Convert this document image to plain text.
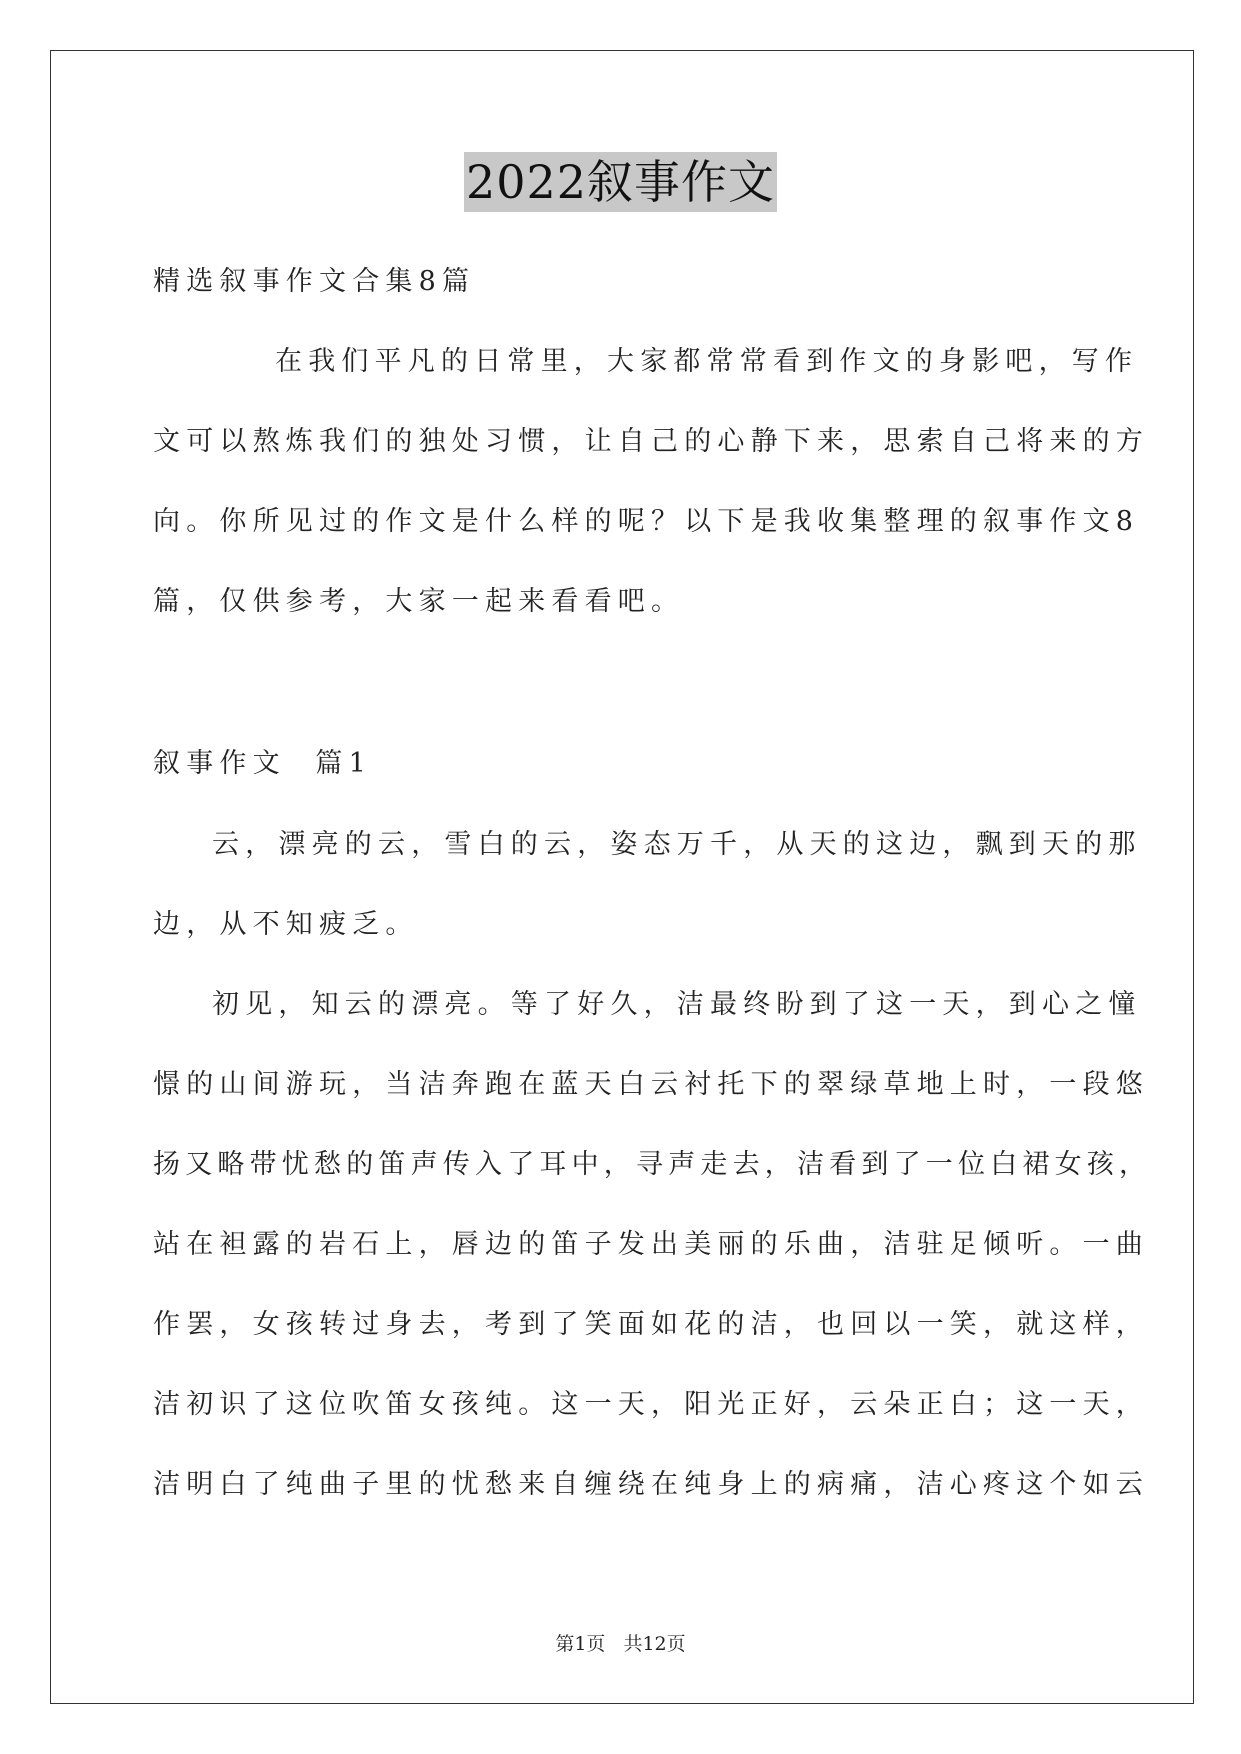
2022叙事作文

精选叙事作文合集8篇

在我们平凡的日常里，大家都常常看到作文的身影吧，写作

文可以熬炼我们的独处习惯，让自己的心静下来，思索自己将来的方

向。你所见过的作文是什么样的呢？以下是我收集整理的叙事作文8

篇，仅供参考，大家一起来看看吧。

叙事作文  篇1

云，漂亮的云，雪白的云，姿态万千，从天的这边，飘到天的那

边，从不知疲乏。

初见，知云的漂亮。等了好久，洁最终盼到了这一天，到心之憧

憬的山间游玩，当洁奔跑在蓝天白云衬托下的翠绿草地上时，一段悠

扬又略带忧愁的笛声传入了耳中，寻声走去，洁看到了一位白裙女孩，

站在袒露的岩石上，唇边的笛子发出美丽的乐曲，洁驻足倾听。一曲

作罢，女孩转过身去，考到了笑面如花的洁，也回以一笑，就这样，

洁初识了这位吹笛女孩纯。这一天，阳光正好，云朵正白；这一天，

洁明白了纯曲子里的忧愁来自缠绕在纯身上的病痛，洁心疼这个如云

第1页 共12页
